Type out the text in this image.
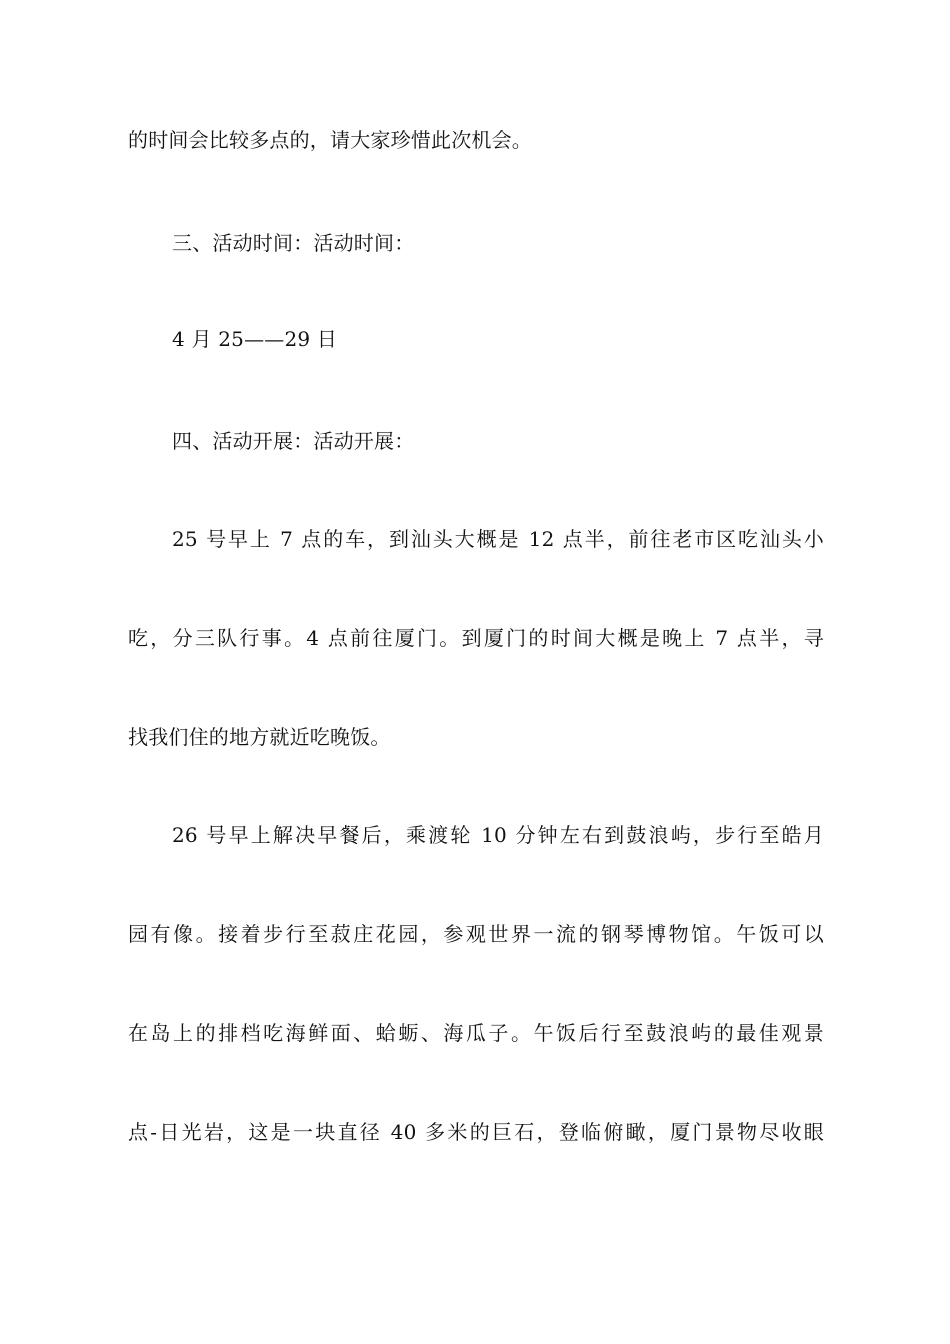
的时间会比较多点的，请大家珍惜此次机会。
三、活动时间：活动时间：
4 月 25——29 日
四、活动开展：活动开展：
25 号早上 7 点的车，到汕头大概是 12 点半，前往老市区吃汕头小
吃，分三队行事。4 点前往厦门。到厦门的时间大概是晚上 7 点半，寻
找我们住的地方就近吃晚饭。
26 号早上解决早餐后，乘渡轮 10 分钟左右到鼓浪屿，步行至皓月
园有像。接着步行至菽庄花园，参观世界一流的钢琴博物馆。午饭可以
在岛上的排档吃海鲜面、蛤蛎、海瓜子。午饭后行至鼓浪屿的最佳观景
点-日光岩，这是一块直径 40 多米的巨石，登临俯瞰，厦门景物尽收眼
